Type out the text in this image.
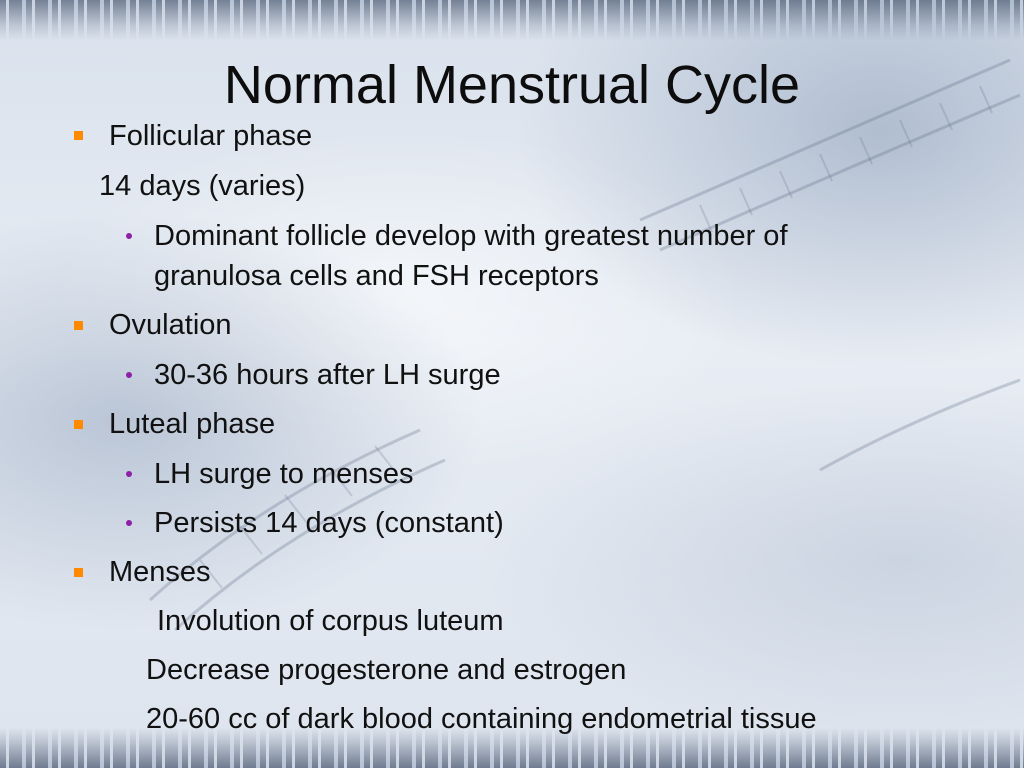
Normal Menstrual Cycle
Follicular phase
14 days (varies)
Dominant follicle develop with greatest number of
granulosa cells and FSH receptors
Ovulation
30-36 hours after LH surge
Luteal phase
LH surge to menses
Persists 14 days (constant)
Menses
Involution of corpus luteum
Decrease progesterone and estrogen
20-60 cc of dark blood containing endometrial tissue
